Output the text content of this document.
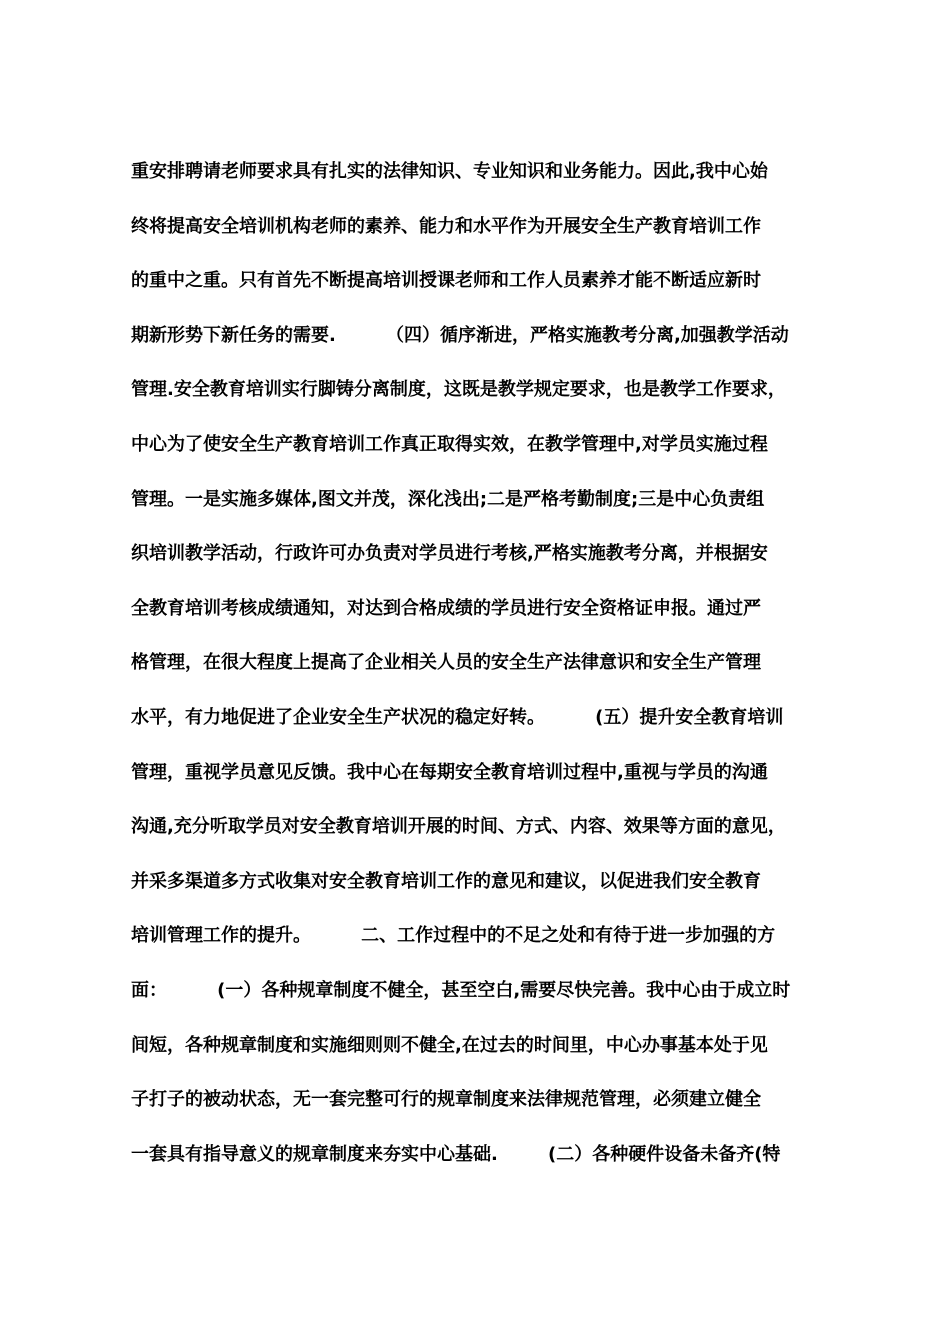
重安排聘请老师要求具有扎实的法律知识、专业知识和业务能力。因此,我中心始
终将提高安全培训机构老师的素养、能力和水平作为开展安全生产教育培训工作
的重中之重。只有首先不断提高培训授课老师和工作人员素养才能不断适应新时
期新形势下新任务的需要.        （四）循序渐进，严格实施教考分离,加强教学活动
管理.安全教育培训实行脚铸分离制度，这既是教学规定要求，也是教学工作要求，
中心为了使安全生产教育培训工作真正取得实效，在教学管理中,对学员实施过程
管理。一是实施多媒体,图文并茂，深化浅出;二是严格考勤制度;三是中心负责组
织培训教学活动，行政许可办负责对学员进行考核,严格实施教考分离，并根据安
全教育培训考核成绩通知，对达到合格成绩的学员进行安全资格证申报。通过严
格管理，在很大程度上提高了企业相关人员的安全生产法律意识和安全生产管理
水平，有力地促进了企业安全生产状况的稳定好转。        (五）提升安全教育培训
管理，重视学员意见反馈。我中心在每期安全教育培训过程中,重视与学员的沟通
沟通,充分听取学员对安全教育培训开展的时间、方式、内容、效果等方面的意见，
并采多渠道多方式收集对安全教育培训工作的意见和建议，以促进我们安全教育
培训管理工作的提升。        二、工作过程中的不足之处和有待于进一步加强的方
面：        (一）各种规章制度不健全，甚至空白,需要尽快完善。我中心由于成立时
间短，各种规章制度和实施细则则不健全,在过去的时间里，中心办事基本处于见
子打子的被动状态，无一套完整可行的规章制度来法律规范管理，必须建立健全
一套具有指导意义的规章制度来夯实中心基础.        (二）各种硬件设备未备齐(特
